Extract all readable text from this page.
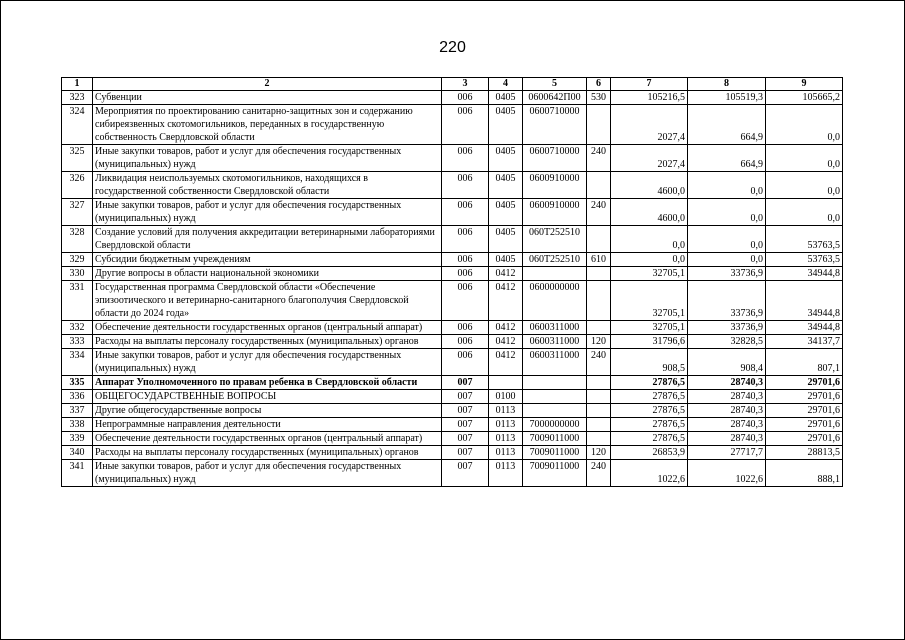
220
1	2	3	4	5	6	7	8	9
323	Субвенции	006	0405	0600642П00	530	105216,5	105519,3	105665,2
324	Мероприятия по проектированию санитарно-защитных зон и содержанию сибиреязвенных скотомогильников, переданных в государственную собственность Свердловской области	006	0405	0600710000		2027,4	664,9	0,0
325	Иные закупки товаров, работ и услуг для обеспечения государственных (муниципальных) нужд	006	0405	0600710000	240	2027,4	664,9	0,0
326	Ликвидация неиспользуемых скотомогильников, находящихся в государственной собственности Свердловской области	006	0405	0600910000		4600,0	0,0	0,0
327	Иные закупки товаров, работ и услуг для обеспечения государственных (муниципальных) нужд	006	0405	0600910000	240	4600,0	0,0	0,0
328	Создание условий для получения аккредитации ветеринарными лабораториями Свердловской области	006	0405	060Т252510		0,0	0,0	53763,5
329	Субсидии бюджетным учреждениям	006	0405	060Т252510	610	0,0	0,0	53763,5
330	Другие вопросы в области национальной экономики	006	0412			32705,1	33736,9	34944,8
331	Государственная программа Свердловской области «Обеспечение эпизоотического и ветеринарно-санитарного благополучия Свердловской области до 2024 года»	006	0412	0600000000		32705,1	33736,9	34944,8
332	Обеспечение деятельности государственных органов (центральный аппарат)	006	0412	0600311000		32705,1	33736,9	34944,8
333	Расходы на выплаты персоналу государственных (муниципальных) органов	006	0412	0600311000	120	31796,6	32828,5	34137,7
334	Иные закупки товаров, работ и услуг для обеспечения государственных (муниципальных) нужд	006	0412	0600311000	240	908,5	908,4	807,1
335	Аппарат Уполномоченного по правам ребенка в Свердловской области	007				27876,5	28740,3	29701,6
336	ОБЩЕГОСУДАРСТВЕННЫЕ ВОПРОСЫ	007	0100			27876,5	28740,3	29701,6
337	Другие общегосударственные вопросы	007	0113			27876,5	28740,3	29701,6
338	Непрограммные направления деятельности	007	0113	7000000000		27876,5	28740,3	29701,6
339	Обеспечение деятельности государственных органов (центральный аппарат)	007	0113	7009011000		27876,5	28740,3	29701,6
340	Расходы на выплаты персоналу государственных (муниципальных) органов	007	0113	7009011000	120	26853,9	27717,7	28813,5
341	Иные закупки товаров, работ и услуг для обеспечения государственных (муниципальных) нужд	007	0113	7009011000	240	1022,6	1022,6	888,1
